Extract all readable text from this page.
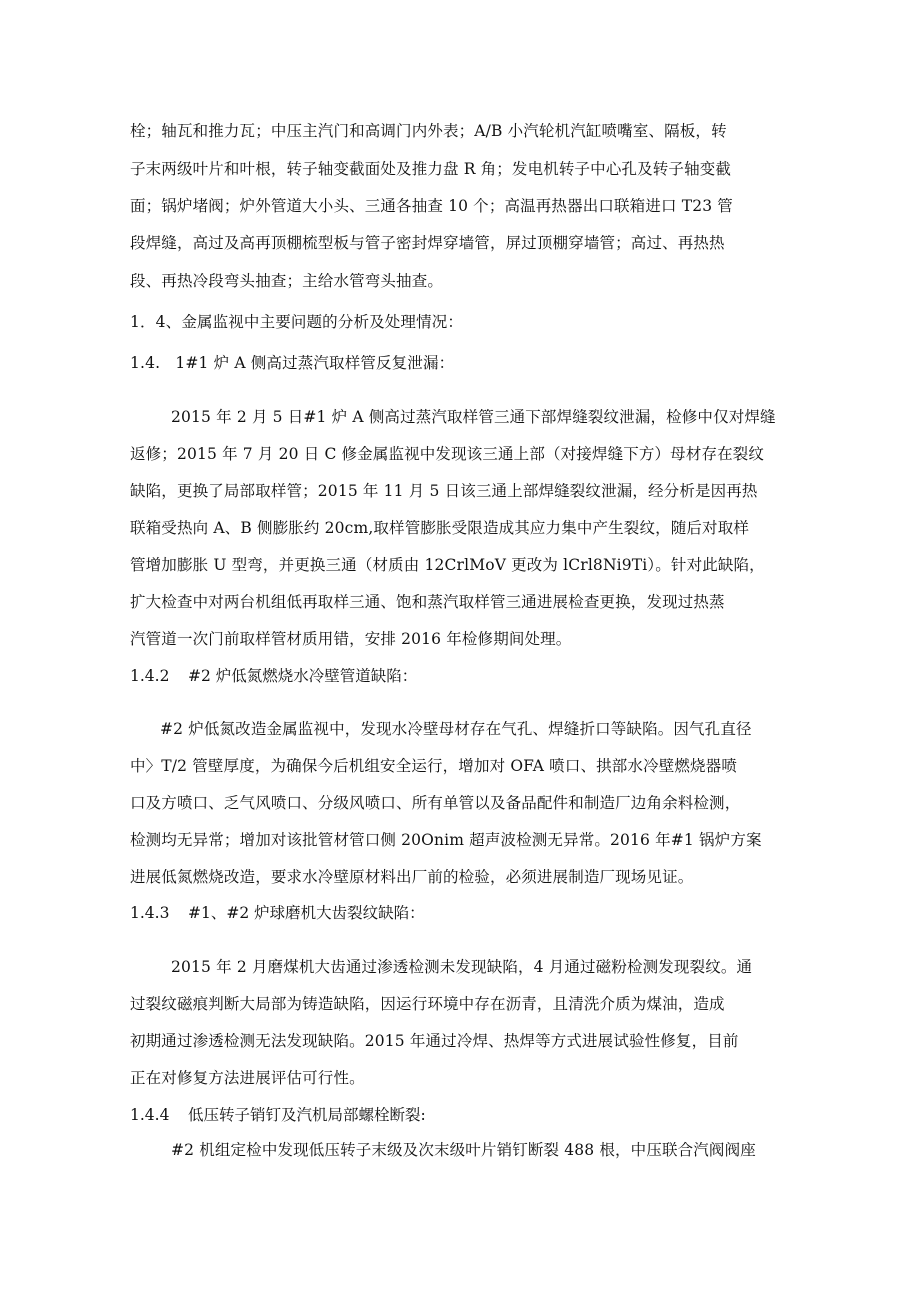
栓；轴瓦和推力瓦；中压主汽门和高调门内外表；A/B 小汽轮机汽缸喷嘴室、隔板，转
子末两级叶片和叶根，转子轴变截面处及推力盘 R 角；发电机转子中心孔及转子轴变截
面；锅炉堵阀；炉外管道大小头、三通各抽查 10 个；高温再热器出口联箱进口 T23 管
段焊缝，高过及高再顶棚梳型板与管子密封焊穿墙管，屏过顶棚穿墙管；高过、再热热
段、再热冷段弯头抽查；主给水管弯头抽查。
1．4、金属监视中主要问题的分析及处理情况：
1.4.   1#1 炉 A 侧高过蒸汽取样管反复泄漏：
2015 年 2 月 5 日#1 炉 A 侧高过蒸汽取样管三通下部焊缝裂纹泄漏，检修中仅对焊缝
返修；2015 年 7 月 20 日 C 修金属监视中发现该三通上部（对接焊缝下方）母材存在裂纹
缺陷，更换了局部取样管；2015 年 11 月 5 日该三通上部焊缝裂纹泄漏，经分析是因再热
联箱受热向 A、B 侧膨胀约 20cm,取样管膨胀受限造成其应力集中产生裂纹，随后对取样
管增加膨胀 U 型弯，并更换三通（材质由 12CrlMoV 更改为 lCrl8Ni9Ti）。针对此缺陷，
扩大检查中对两台机组低再取样三通、饱和蒸汽取样管三通进展检查更换，发现过热蒸
汽管道一次门前取样管材质用错，安排 2016 年检修期间处理。
1.4.2 #2 炉低氮燃烧水冷壁管道缺陷：
#2 炉低氮改造金属监视中，发现水冷壁母材存在气孔、焊缝折口等缺陷。因气孔直径
中〉T/2 管壁厚度，为确保今后机组安全运行，增加对 OFA 喷口、拱部水冷壁燃烧器喷
口及方喷口、乏气风喷口、分级风喷口、所有单管以及备品配件和制造厂边角余料检测，
检测均无异常；增加对该批管材管口侧 20Onim 超声波检测无异常。2016 年#1 锅炉方案
进展低氮燃烧改造，要求水冷壁原材料出厂前的检验，必须进展制造厂现场见证。
1.4.3 #1、#2 炉球磨机大齿裂纹缺陷：
2015 年 2 月磨煤机大齿通过渗透检测未发现缺陷，4 月通过磁粉检测发现裂纹。通
过裂纹磁痕判断大局部为铸造缺陷，因运行环境中存在沥青，且清洗介质为煤油，造成
初期通过渗透检测无法发现缺陷。2015 年通过冷焊、热焊等方式进展试验性修复，目前
正在对修复方法进展评估可行性。
1.4.4 低压转子销钉及汽机局部螺栓断裂:
#2 机组定检中发现低压转子末级及次末级叶片销钉断裂 488 根，中压联合汽阀阀座
